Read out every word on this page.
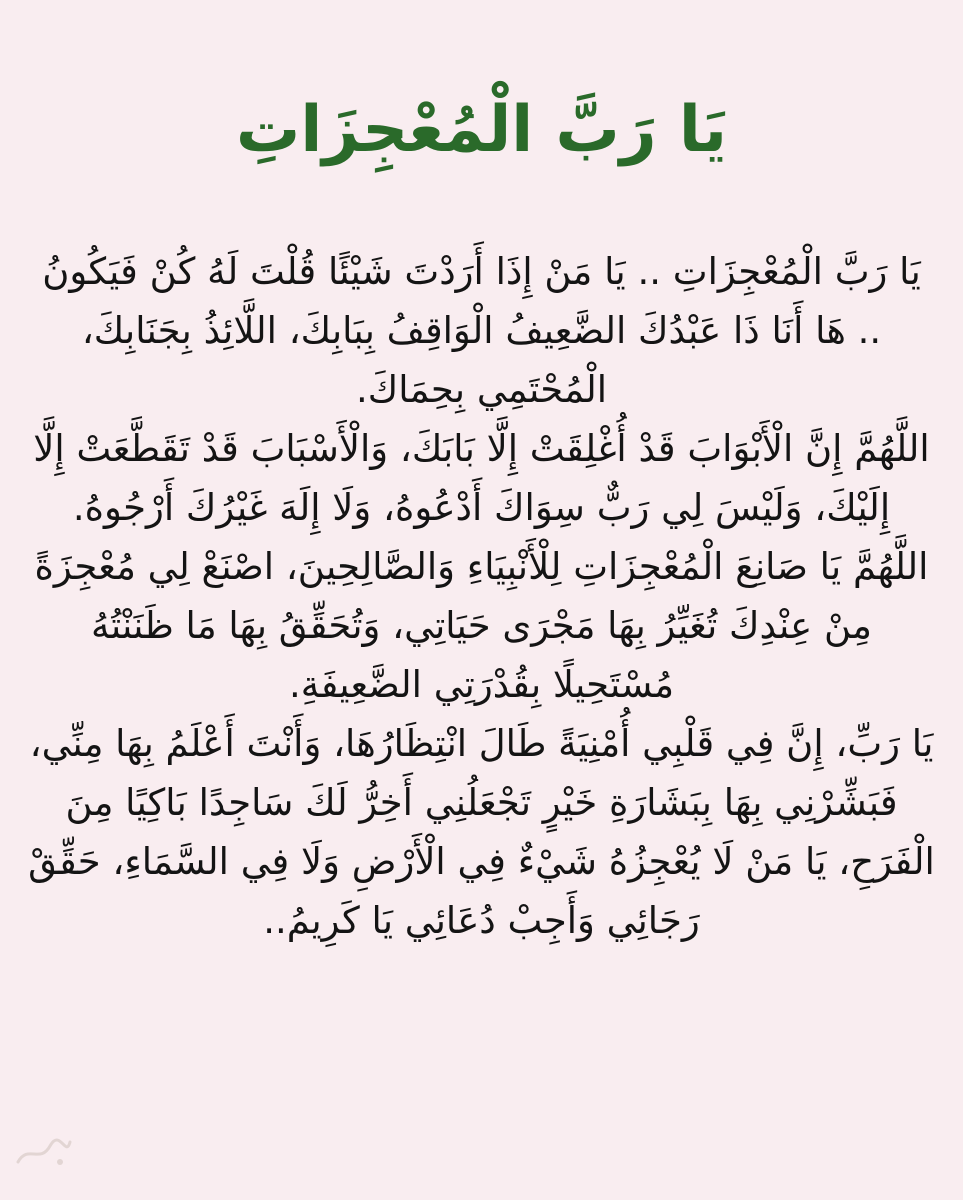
يَا رَبَّ الْمُعْجِزَاتِ

يَا رَبَّ الْمُعْجِزَاتِ .. يَا مَنْ إِذَا أَرَدْتَ شَيْئًا قُلْتَ لَهُ كُنْ فَيَكُونُ .. هَا أَنَا ذَا عَبْدُكَ الضَّعِيفُ الْوَاقِفُ بِبَابِكَ، اللَّائِذُ بِجَنَابِكَ، الْمُحْتَمِي بِحِمَاكَ.

اللَّهُمَّ إِنَّ الْأَبْوَابَ قَدْ أُغْلِقَتْ إِلَّا بَابَكَ، وَالْأَسْبَابَ قَدْ تَقَطَّعَتْ إِلَّا إِلَيْكَ، وَلَيْسَ لِي رَبٌّ سِوَاكَ أَدْعُوهُ، وَلَا إِلَهَ غَيْرُكَ أَرْجُوهُ.

اللَّهُمَّ يَا صَانِعَ الْمُعْجِزَاتِ لِلْأَنْبِيَاءِ وَالصَّالِحِينَ، اصْنَعْ لِي مُعْجِزَةً مِنْ عِنْدِكَ تُغَيِّرُ بِهَا مَجْرَى حَيَاتِي، وَتُحَقِّقُ بِهَا مَا ظَنَنْتُهُ مُسْتَحِيلًا بِقُدْرَتِي الضَّعِيفَةِ.

يَا رَبِّ، إِنَّ فِي قَلْبِي أُمْنِيَةً طَالَ انْتِظَارُهَا، وَأَنْتَ أَعْلَمُ بِهَا مِنِّي، فَبَشِّرْنِي بِهَا بِبَشَارَةِ خَيْرٍ تَجْعَلُنِي أَخِرُّ لَكَ سَاجِدًا بَاكِيًا مِنَ الْفَرَحِ، يَا مَنْ لَا يُعْجِزُهُ شَيْءٌ فِي الْأَرْضِ وَلَا فِي السَّمَاءِ، حَقِّقْ رَجَائِي وَأَجِبْ دُعَائِي يَا كَرِيمُ..
